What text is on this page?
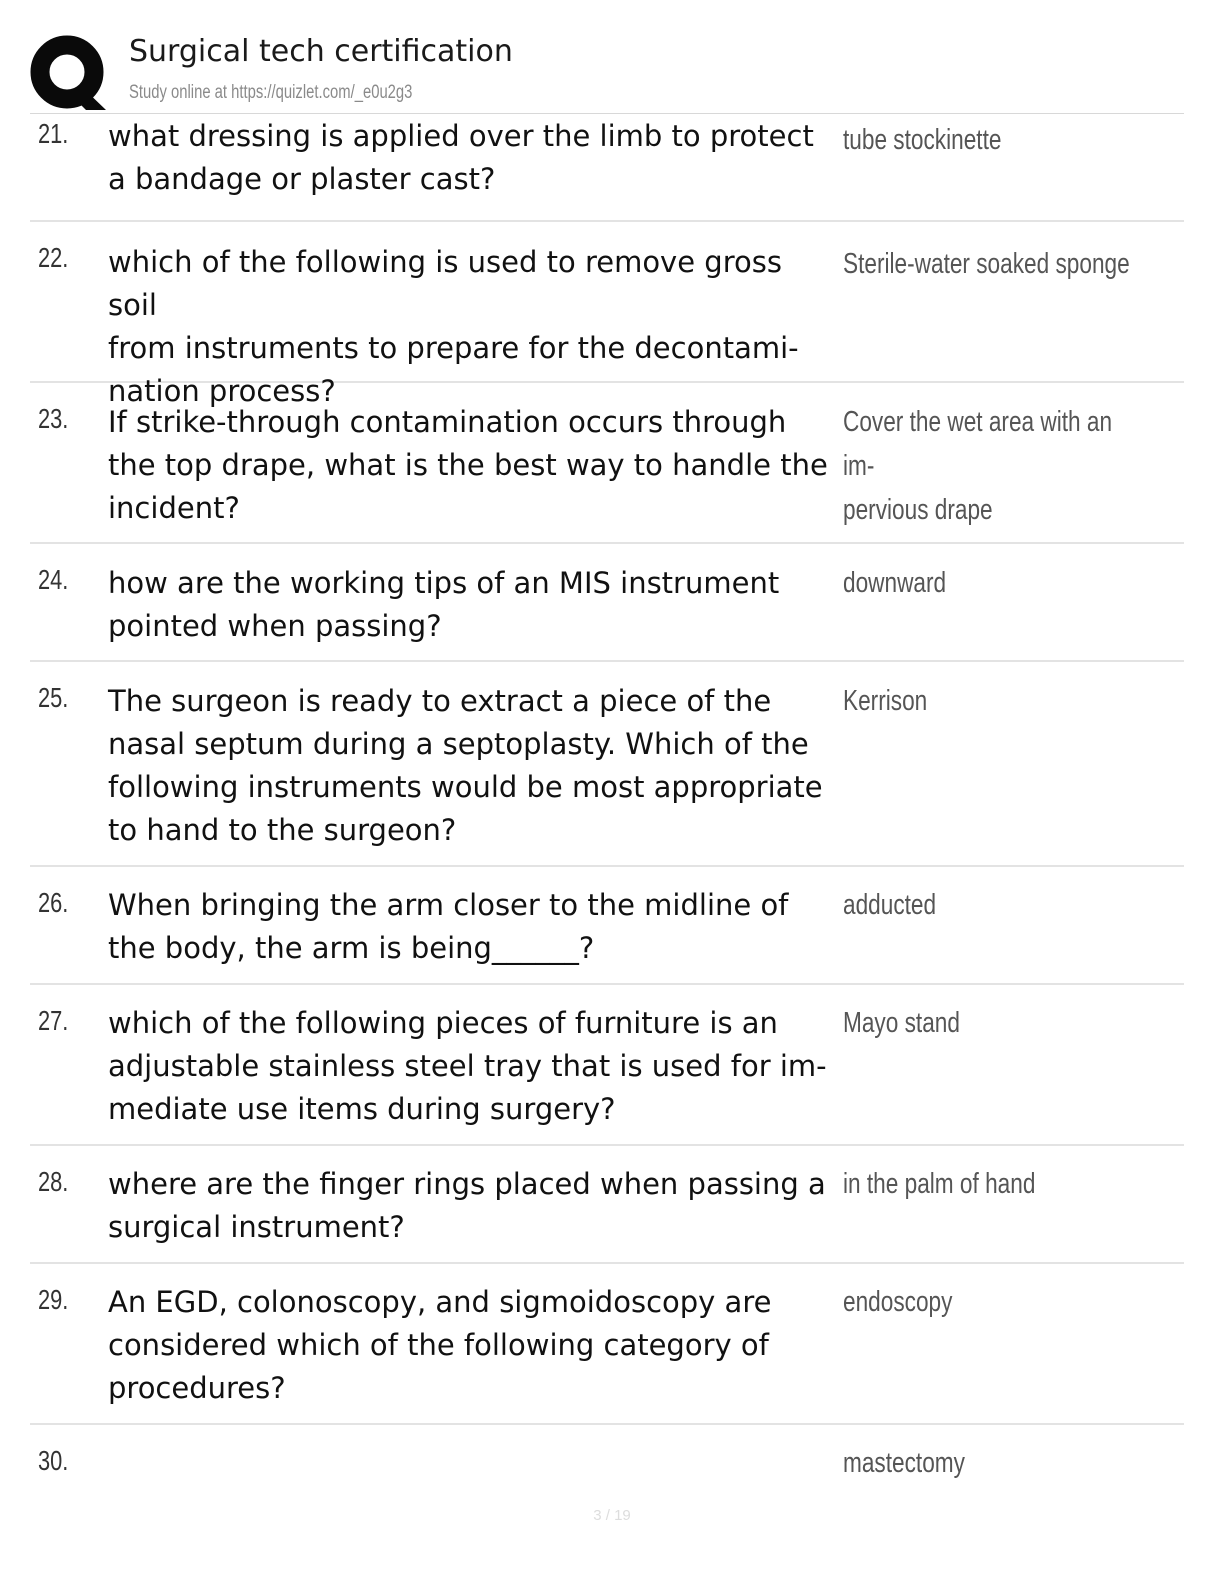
Surgical tech certification
Study online at https://quizlet.com/_e0u2g3
21. what dressing is applied over the limb to protect
a bandage or plaster cast?
tube stockinette
22. which of the following is used to remove gross soil
from instruments to prepare for the decontami-
nation process?
Sterile-water soaked sponge
23. If strike-through contamination occurs through
the top drape, what is the best way to handle the
incident?
Cover the wet area with an im-
pervious drape
24. how are the working tips of an MIS instrument
pointed when passing?
downward
25. The surgeon is ready to extract a piece of the
nasal septum during a septoplasty. Which of the
following instruments would be most appropriate
to hand to the surgeon?
Kerrison
26. When bringing the arm closer to the midline of
the body, the arm is being______?
adducted
27. which of the following pieces of furniture is an
adjustable stainless steel tray that is used for im-
mediate use items during surgery?
Mayo stand
28. where are the finger rings placed when passing a
surgical instrument?
in the palm of hand
29. An EGD, colonoscopy, and sigmoidoscopy are
considered which of the following category of
procedures?
endoscopy
30.	mastectomy
3 / 19
